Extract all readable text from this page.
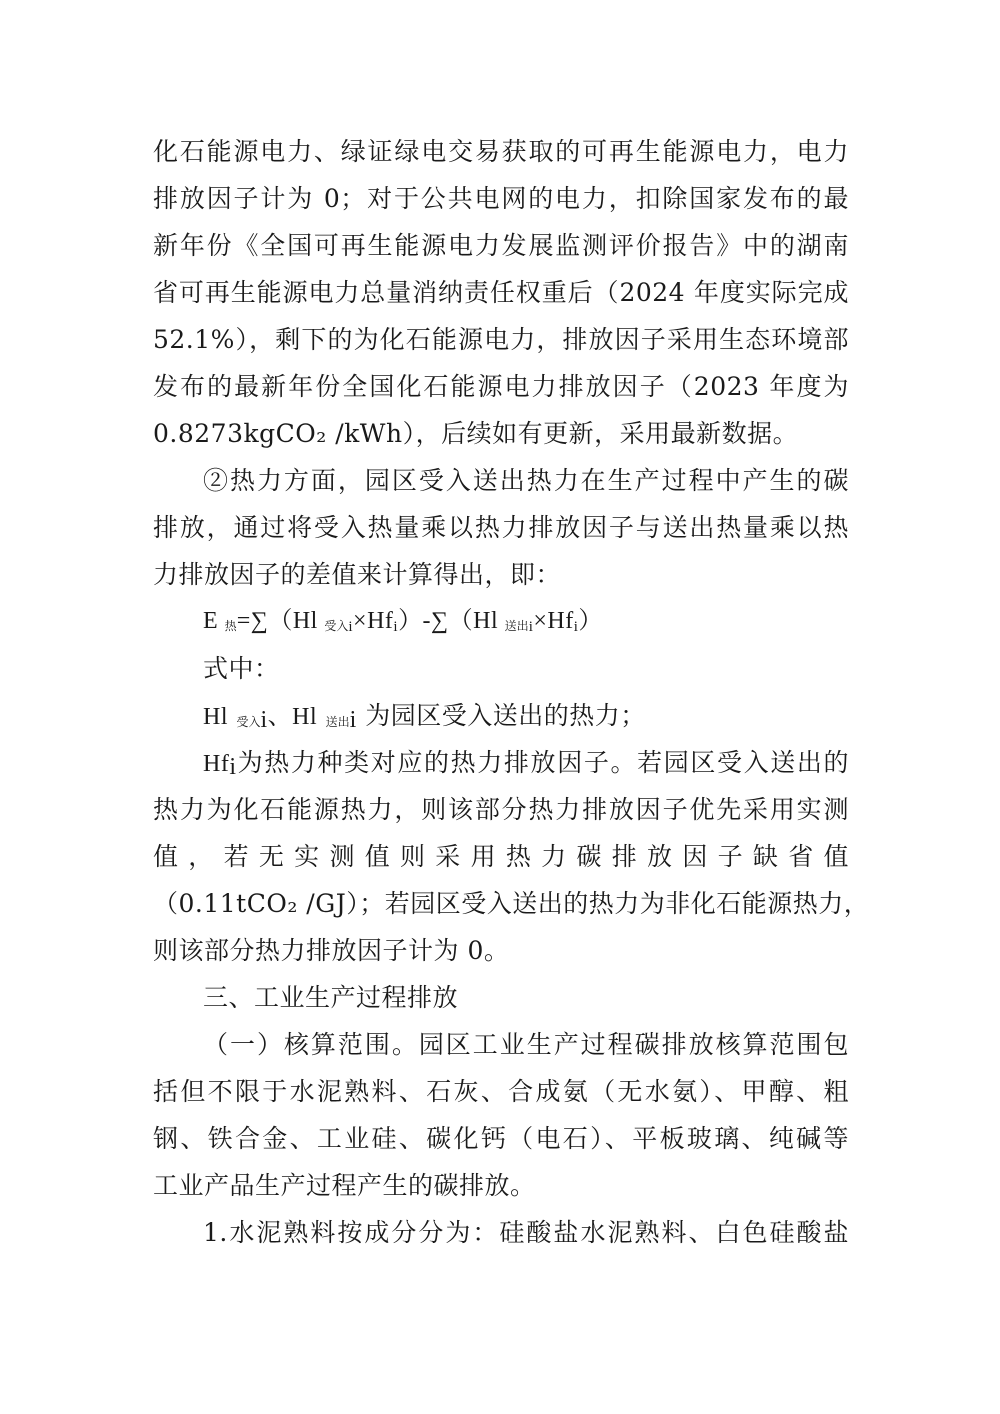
化石能源电力、绿证绿电交易获取的可再生能源电力，电力
排放因子计为 0；对于公共电网的电力，扣除国家发布的最
新年份《全国可再生能源电力发展监测评价报告》中的湖南
省可再生能源电力总量消纳责任权重后（2024 年度实际完成
52.1%），剩下的为化石能源电力，排放因子采用生态环境部
发布的最新年份全国化石能源电力排放因子（2023 年度为
0.8273kgCO₂ /kWh），后续如有更新，采用最新数据。
②热力方面，园区受入送出热力在生产过程中产生的碳
排放，通过将受入热量乘以热力排放因子与送出热量乘以热
力排放因子的差值来计算得出，即：
E 热=∑（Hl 受入i×Hfi）-∑（Hl 送出i×Hfi）
式中：
Hl 受入i、Hl 送出i 为园区受入送出的热力；
Hfi为热力种类对应的热力排放因子。若园区受入送出的
热力为化石能源热力，则该部分热力排放因子优先采用实测
值，若无实测值则采用热力碳排放因子缺省值
（0.11tCO₂ /GJ）；若园区受入送出的热力为非化石能源热力，
则该部分热力排放因子计为 0。
三、工业生产过程排放
（一）核算范围。园区工业生产过程碳排放核算范围包
括但不限于水泥熟料、石灰、合成氨（无水氨）、甲醇、粗
钢、铁合金、工业硅、碳化钙（电石）、平板玻璃、纯碱等
工业产品生产过程产生的碳排放。
1.水泥熟料按成分分为：硅酸盐水泥熟料、白色硅酸盐
